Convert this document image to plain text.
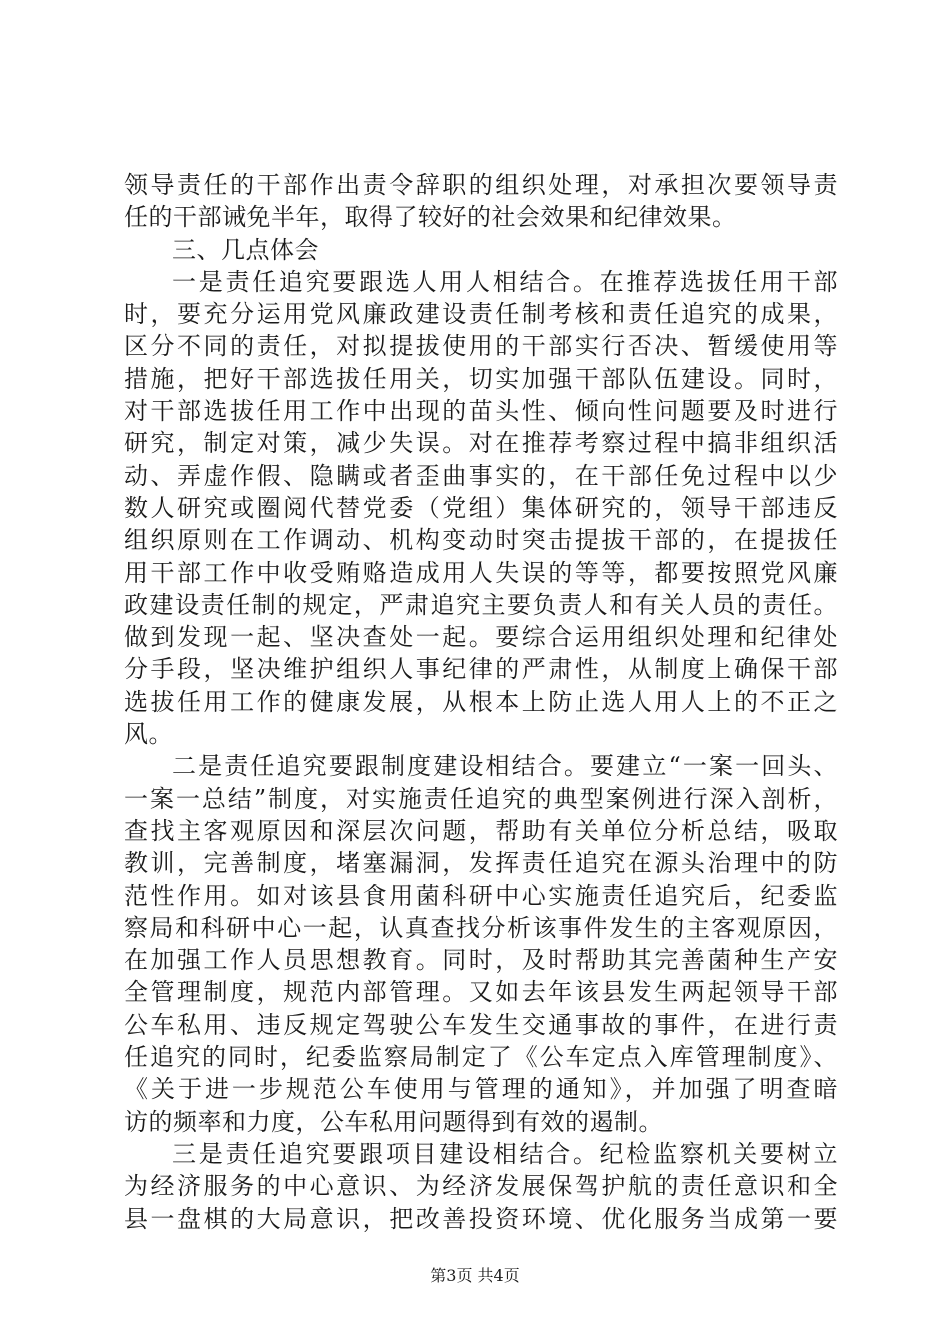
领导责任的干部作出责令辞职的组织处理，对承担次要领导责
任的干部诫免半年，取得了较好的社会效果和纪律效果。
三、几点体会
一是责任追究要跟选人用人相结合。在推荐选拔任用干部
时，要充分运用党风廉政建设责任制考核和责任追究的成果，
区分不同的责任，对拟提拔使用的干部实行否决、暂缓使用等
措施，把好干部选拔任用关，切实加强干部队伍建设。同时，
对干部选拔任用工作中出现的苗头性、倾向性问题要及时进行
研究，制定对策，减少失误。对在推荐考察过程中搞非组织活
动、弄虚作假、隐瞒或者歪曲事实的，在干部任免过程中以少
数人研究或圈阅代替党委（党组）集体研究的，领导干部违反
组织原则在工作调动、机构变动时突击提拔干部的，在提拔任
用干部工作中收受贿赂造成用人失误的等等，都要按照党风廉
政建设责任制的规定，严肃追究主要负责人和有关人员的责任。
做到发现一起、坚决查处一起。要综合运用组织处理和纪律处
分手段，坚决维护组织人事纪律的严肃性，从制度上确保干部
选拔任用工作的健康发展，从根本上防止选人用人上的不正之
风。
二是责任追究要跟制度建设相结合。要建立“一案一回头、
一案一总结”制度，对实施责任追究的典型案例进行深入剖析，
查找主客观原因和深层次问题，帮助有关单位分析总结，吸取
教训，完善制度，堵塞漏洞，发挥责任追究在源头治理中的防
范性作用。如对该县食用菌科研中心实施责任追究后，纪委监
察局和科研中心一起，认真查找分析该事件发生的主客观原因，
在加强工作人员思想教育。同时，及时帮助其完善菌种生产安
全管理制度，规范内部管理。又如去年该县发生两起领导干部
公车私用、违反规定驾驶公车发生交通事故的事件，在进行责
任追究的同时，纪委监察局制定了《公车定点入库管理制度》、
《关于进一步规范公车使用与管理的通知》，并加强了明查暗
访的频率和力度，公车私用问题得到有效的遏制。
三是责任追究要跟项目建设相结合。纪检监察机关要树立
为经济服务的中心意识、为经济发展保驾护航的责任意识和全
县一盘棋的大局意识，把改善投资环境、优化服务当成第一要
第3页 共4页
